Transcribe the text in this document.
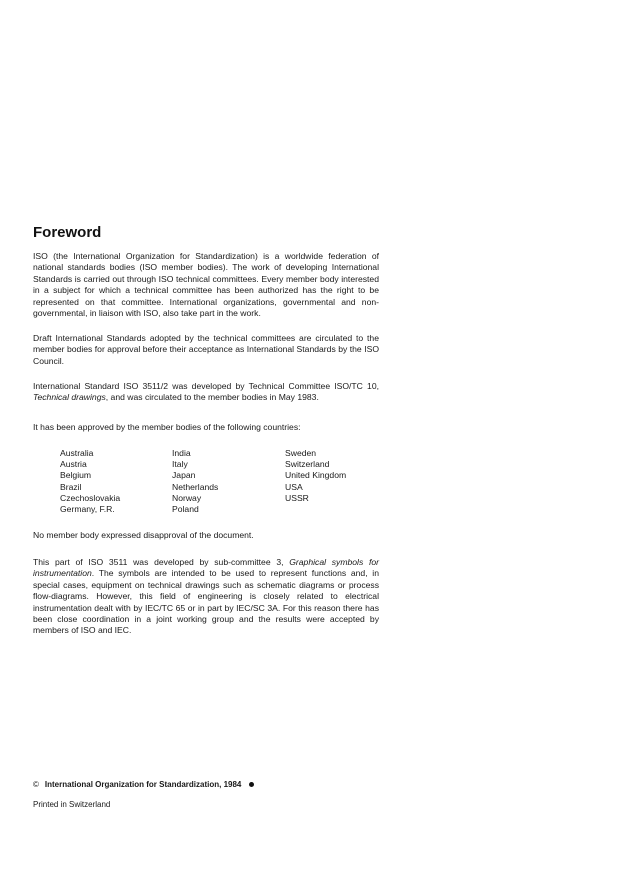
Foreword

ISO (the International Organization for Standardization) is a worldwide federation of national standards bodies (ISO member bodies). The work of developing International Standards is carried out through ISO technical committees. Every member body interested in a subject for which a technical committee has been authorized has the right to be represented on that committee. International organizations, governmental and non-governmental, in liaison with ISO, also take part in the work.

Draft International Standards adopted by the technical committees are circulated to the member bodies for approval before their acceptance as International Standards by the ISO Council.

International Standard ISO 3511/2 was developed by Technical Committee ISO/TC 10, Technical drawings, and was circulated to the member bodies in May 1983.

It has been approved by the member bodies of the following countries:

Australia
Austria
Belgium
Brazil
Czechoslovakia
Germany, F.R.
India
Italy
Japan
Netherlands
Norway
Poland
Sweden
Switzerland
United Kingdom
USA
USSR

No member body expressed disapproval of the document.

This part of ISO 3511 was developed by sub-committee 3, Graphical symbols for instrumentation. The symbols are intended to be used to represent functions and, in special cases, equipment on technical drawings such as schematic diagrams or process flow-diagrams. However, this field of engineering is closely related to electrical instrumentation dealt with by IEC/TC 65 or in part by IEC/SC 3A. For this reason there has been close coordination in a joint working group and the results were accepted by members of ISO and IEC.

© International Organization for Standardization, 1984
Printed in Switzerland
